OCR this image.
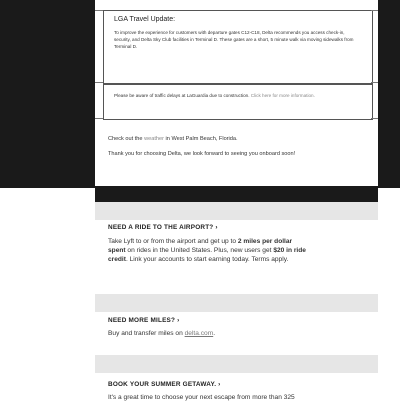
LGA Travel Update:
To improve the experience for customers with departure gates C12-C18, Delta recommends you access check-in, security, and Delta Sky Club facilities in Terminal D. These gates are a short, 5 minute walk via moving sidewalks from Terminal D.
Please be aware of traffic delays at LaGuardia due to construction. Click here for more information.
Check out the weather in West Palm Beach, Florida.
Thank you for choosing Delta, we look forward to seeing you onboard soon!
NEED A RIDE TO THE AIRPORT? ›
Take Lyft to or from the airport and get up to 2 miles per dollar spent on rides in the United States. Plus, new users get $20 in ride credit. Link your accounts to start earning today. Terms apply.
NEED MORE MILES? ›
Buy and transfer miles on delta.com.
BOOK YOUR SUMMER GETAWAY. ›
It's a great time to choose your next escape from more than 325
